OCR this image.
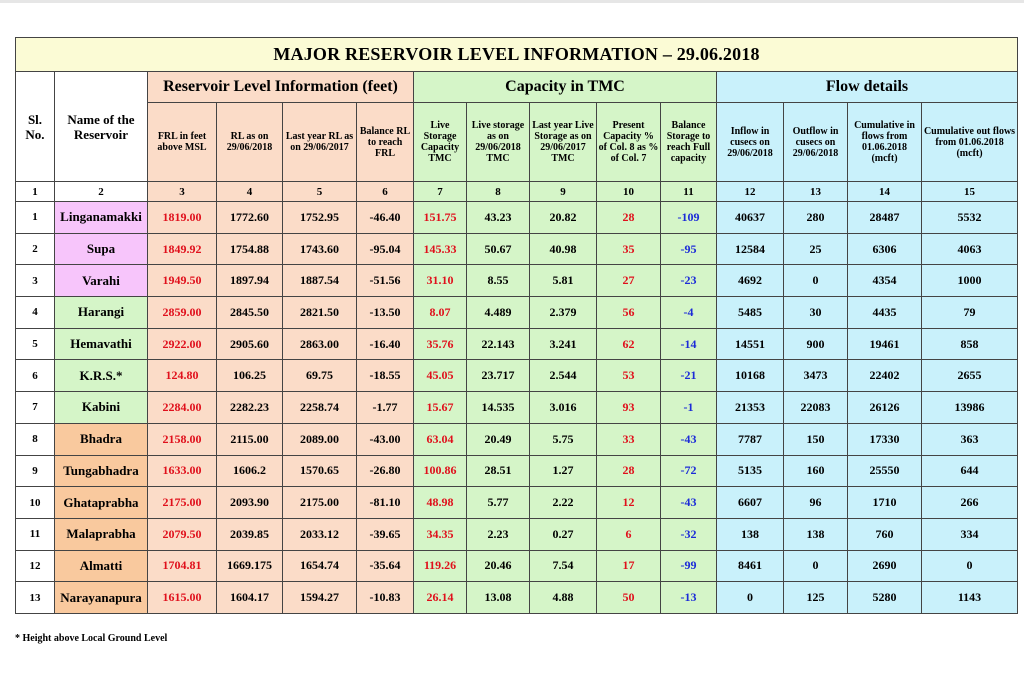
MAJOR RESERVOIR LEVEL INFORMATION – 29.06.2018														
Sl. No.	Name of the Reservoir	Reservoir Level Information (feet)				Capacity in TMC					Flow details			
		FRL in feet above MSL	RL as on 29/06/2018	Last year RL as on 29/06/2017	Balance RL to reach FRL	Live Storage Capacity TMC	Live storage as on 29/06/2018 TMC	Last year Live Storage as on 29/06/2017 TMC	Present Capacity % of Col. 8 as % of Col. 7	Balance Storage to reach Full capacity	Inflow in cusecs on 29/06/2018	Outflow in cusecs on 29/06/2018	Cumulative in flows from 01.06.2018 (mcft)	Cumulative out flows from 01.06.2018 (mcft)
1	2	3	4	5	6	7	8	9	10	11	12	13	14	15
1	Linganamakki	1819.00	1772.60	1752.95	-46.40	151.75	43.23	20.82	28	-109	40637	280	28487	5532
2	Supa	1849.92	1754.88	1743.60	-95.04	145.33	50.67	40.98	35	-95	12584	25	6306	4063
3	Varahi	1949.50	1897.94	1887.54	-51.56	31.10	8.55	5.81	27	-23	4692	0	4354	1000
4	Harangi	2859.00	2845.50	2821.50	-13.50	8.07	4.489	2.379	56	-4	5485	30	4435	79
5	Hemavathi	2922.00	2905.60	2863.00	-16.40	35.76	22.143	3.241	62	-14	14551	900	19461	858
6	K.R.S.*	124.80	106.25	69.75	-18.55	45.05	23.717	2.544	53	-21	10168	3473	22402	2655
7	Kabini	2284.00	2282.23	2258.74	-1.77	15.67	14.535	3.016	93	-1	21353	22083	26126	13986
8	Bhadra	2158.00	2115.00	2089.00	-43.00	63.04	20.49	5.75	33	-43	7787	150	17330	363
9	Tungabhadra	1633.00	1606.2	1570.65	-26.80	100.86	28.51	1.27	28	-72	5135	160	25550	644
10	Ghataprabha	2175.00	2093.90	2175.00	-81.10	48.98	5.77	2.22	12	-43	6607	96	1710	266
11	Malaprabha	2079.50	2039.85	2033.12	-39.65	34.35	2.23	0.27	6	-32	138	138	760	334
12	Almatti	1704.81	1669.175	1654.74	-35.64	119.26	20.46	7.54	17	-99	8461	0	2690	0
13	Narayanapura	1615.00	1604.17	1594.27	-10.83	26.14	13.08	4.88	50	-13	0	125	5280	1143
* Height above Local Ground Level
